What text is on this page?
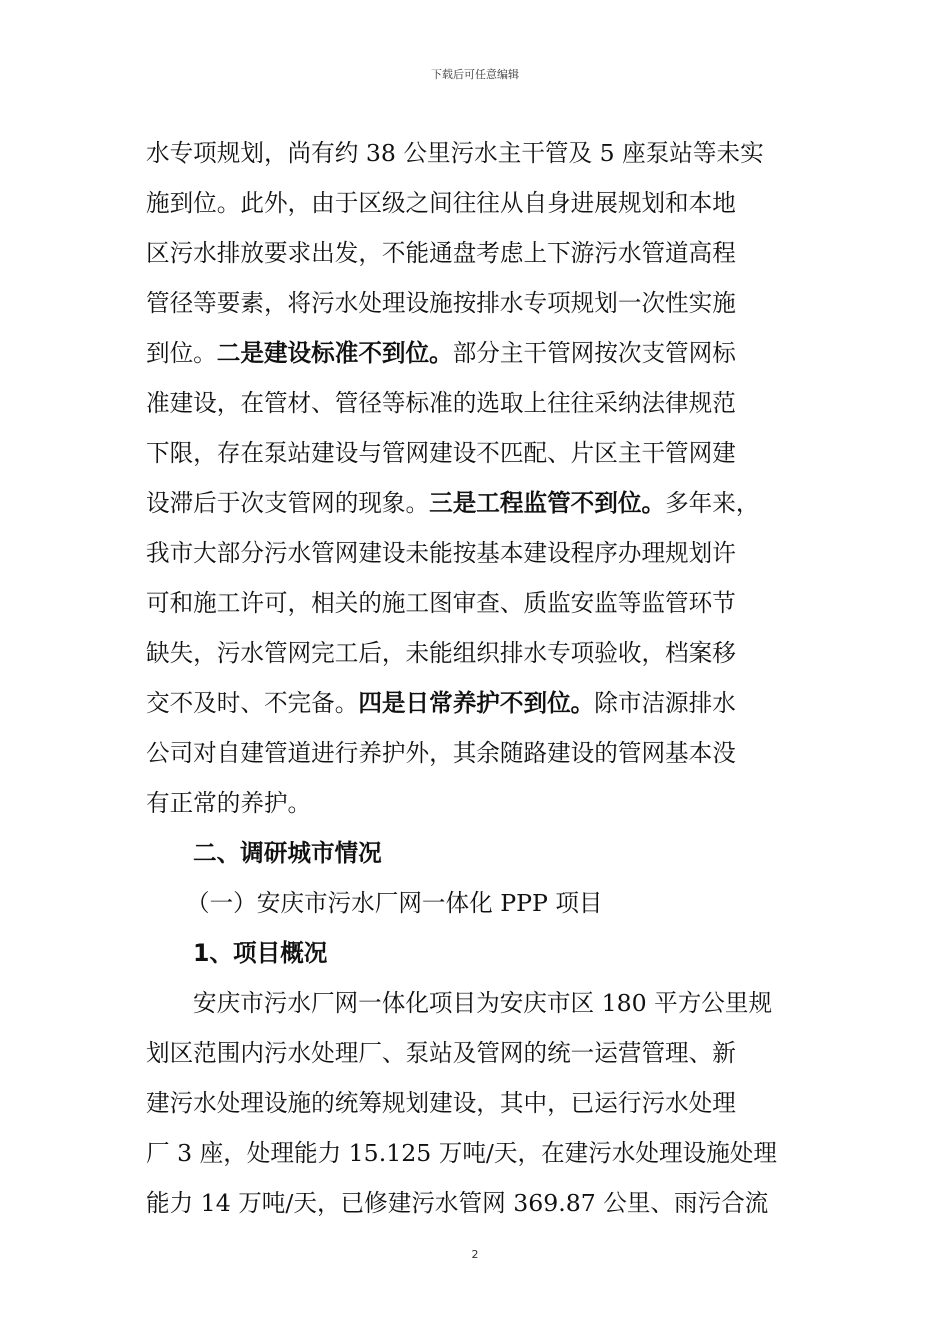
下载后可任意编辑
水专项规划，尚有约 38 公里污水主干管及 5 座泵站等未实
施到位。此外，由于区级之间往往从自身进展规划和本地
区污水排放要求出发，不能通盘考虑上下游污水管道高程
管径等要素，将污水处理设施按排水专项规划一次性实施
到位。二是建设标准不到位。部分主干管网按次支管网标
准建设，在管材、管径等标准的选取上往往采纳法律规范
下限，存在泵站建设与管网建设不匹配、片区主干管网建
设滞后于次支管网的现象。三是工程监管不到位。多年来，
我市大部分污水管网建设未能按基本建设程序办理规划许
可和施工许可，相关的施工图审查、质监安监等监管环节
缺失，污水管网完工后，未能组织排水专项验收，档案移
交不及时、不完备。四是日常养护不到位。除市洁源排水
公司对自建管道进行养护外，其余随路建设的管网基本没
有正常的养护。
二、调研城市情况
（一）安庆市污水厂网一体化 PPP 项目
1、项目概况
安庆市污水厂网一体化项目为安庆市区 180 平方公里规
划区范围内污水处理厂、泵站及管网的统一运营管理、新
建污水处理设施的统筹规划建设，其中，已运行污水处理
厂 3 座，处理能力 15.125 万吨/天，在建污水处理设施处理
能力 14 万吨/天，已修建污水管网 369.87 公里、雨污合流
2
